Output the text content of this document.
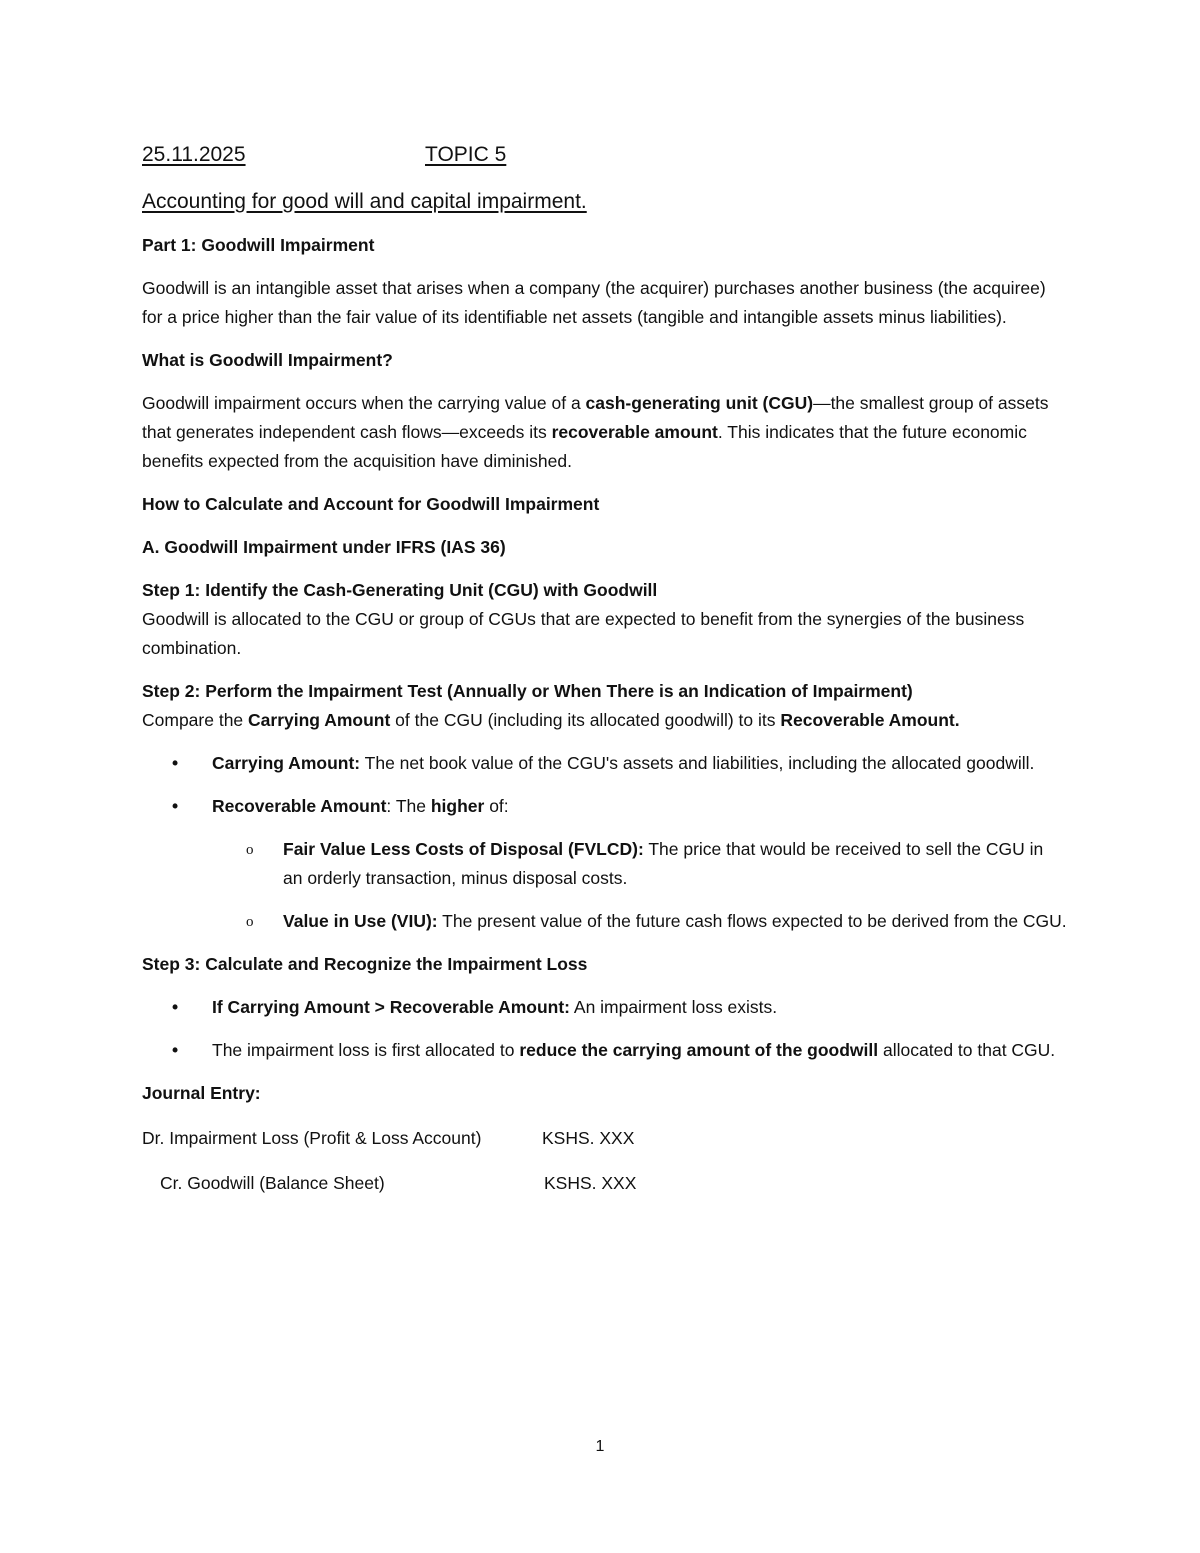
25.11.2025	TOPIC 5

Accounting for good will and capital impairment.

Part 1: Goodwill Impairment

Goodwill is an intangible asset that arises when a company (the acquirer) purchases another business (the acquiree) for a price higher than the fair value of its identifiable net assets (tangible and intangible assets minus liabilities).

What is Goodwill Impairment?

Goodwill impairment occurs when the carrying value of a cash-generating unit (CGU)—the smallest group of assets that generates independent cash flows—exceeds its recoverable amount. This indicates that the future economic benefits expected from the acquisition have diminished.

How to Calculate and Account for Goodwill Impairment

A. Goodwill Impairment under IFRS (IAS 36)

Step 1: Identify the Cash-Generating Unit (CGU) with Goodwill

Goodwill is allocated to the CGU or group of CGUs that are expected to benefit from the synergies of the business combination.

Step 2: Perform the Impairment Test (Annually or When There is an Indication of Impairment)

Compare the Carrying Amount of the CGU (including its allocated goodwill) to its Recoverable Amount.

• Carrying Amount: The net book value of the CGU's assets and liabilities, including the allocated goodwill.
• Recoverable Amount: The higher of:
o Fair Value Less Costs of Disposal (FVLCD): The price that would be received to sell the CGU in an orderly transaction, minus disposal costs.
o Value in Use (VIU): The present value of the future cash flows expected to be derived from the CGU.

Step 3: Calculate and Recognize the Impairment Loss

• If Carrying Amount > Recoverable Amount: An impairment loss exists.
• The impairment loss is first allocated to reduce the carrying amount of the goodwill allocated to that CGU.

Journal Entry:

Dr. Impairment Loss (Profit & Loss Account)	KSHS. XXX
Cr. Goodwill (Balance Sheet)	KSHS. XXX
1
